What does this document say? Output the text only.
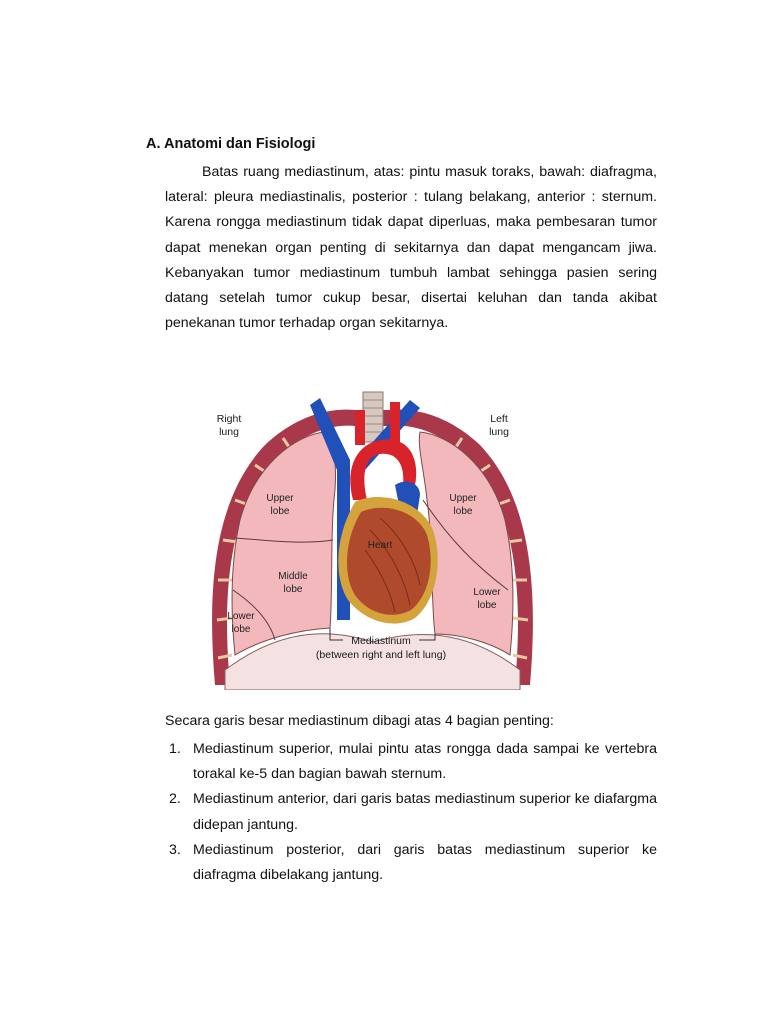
A. Anatomi dan Fisiologi

Batas ruang mediastinum, atas: pintu masuk toraks, bawah: diafragma, lateral: pleura mediastinalis, posterior : tulang belakang, anterior : sternum. Karena rongga mediastinum tidak dapat diperluas, maka pembesaran tumor dapat menekan organ penting di sekitarnya dan dapat mengancam jiwa. Kebanyakan tumor mediastinum tumbuh lambat sehingga pasien sering datang setelah tumor cukup besar, disertai keluhan dan tanda akibat penekanan tumor terhadap organ sekitarnya.

Right
lung
Left
lung
Upper
lobe
Upper
lobe
Middle
lobe
Lower
lobe
Lower
lobe
Heart
Mediastinum
(between right and left lung)

Secara garis besar mediastinum dibagi atas 4 bagian penting:

1. Mediastinum superior, mulai pintu atas rongga dada sampai ke vertebra torakal ke-5 dan bagian bawah sternum.
2. Mediastinum anterior, dari garis batas mediastinum superior ke diafargma didepan jantung.
3. Mediastinum posterior, dari garis batas mediastinum superior ke diafragma dibelakang jantung.
